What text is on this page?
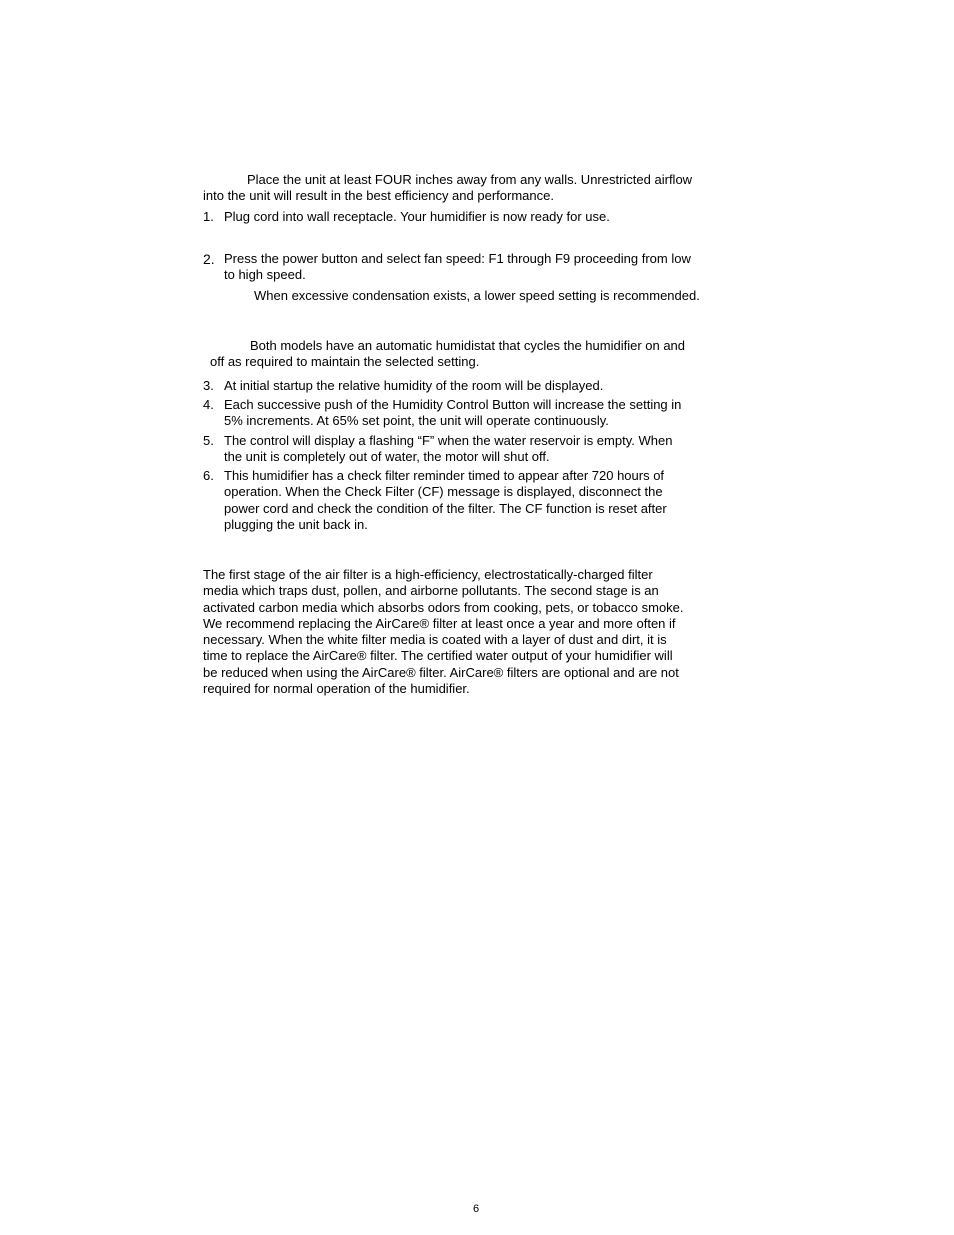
Place the unit at least FOUR inches away from any walls. Unrestricted airflow
into the unit will result in the best efficiency and performance.
1. Plug cord into wall receptacle. Your humidifier is now ready for use.
2. Press the power button and select fan speed: F1 through F9 proceeding from low
to high speed.
When excessive condensation exists, a lower speed setting is recommended.
Both models have an automatic humidistat that cycles the humidifier on and
off as required to maintain the selected setting.
3. At initial startup the relative humidity of the room will be displayed.
4. Each successive push of the Humidity Control Button will increase the setting in
5% increments. At 65% set point, the unit will operate continuously.
5. The control will display a flashing “F” when the water reservoir is empty. When
the unit is completely out of water, the motor will shut off.
6. This humidifier has a check filter reminder timed to appear after 720 hours of
operation. When the Check Filter (CF) message is displayed, disconnect the
power cord and check the condition of the filter. The CF function is reset after
plugging the unit back in.
The first stage of the air filter is a high-efficiency, electrostatically-charged filter
media which traps dust, pollen, and airborne pollutants. The second stage is an
activated carbon media which absorbs odors from cooking, pets, or tobacco smoke.
We recommend replacing the AirCare® filter at least once a year and more often if
necessary. When the white filter media is coated with a layer of dust and dirt, it is
time to replace the AirCare® filter. The certified water output of your humidifier will
be reduced when using the AirCare® filter. AirCare® filters are optional and are not
required for normal operation of the humidifier.
6
